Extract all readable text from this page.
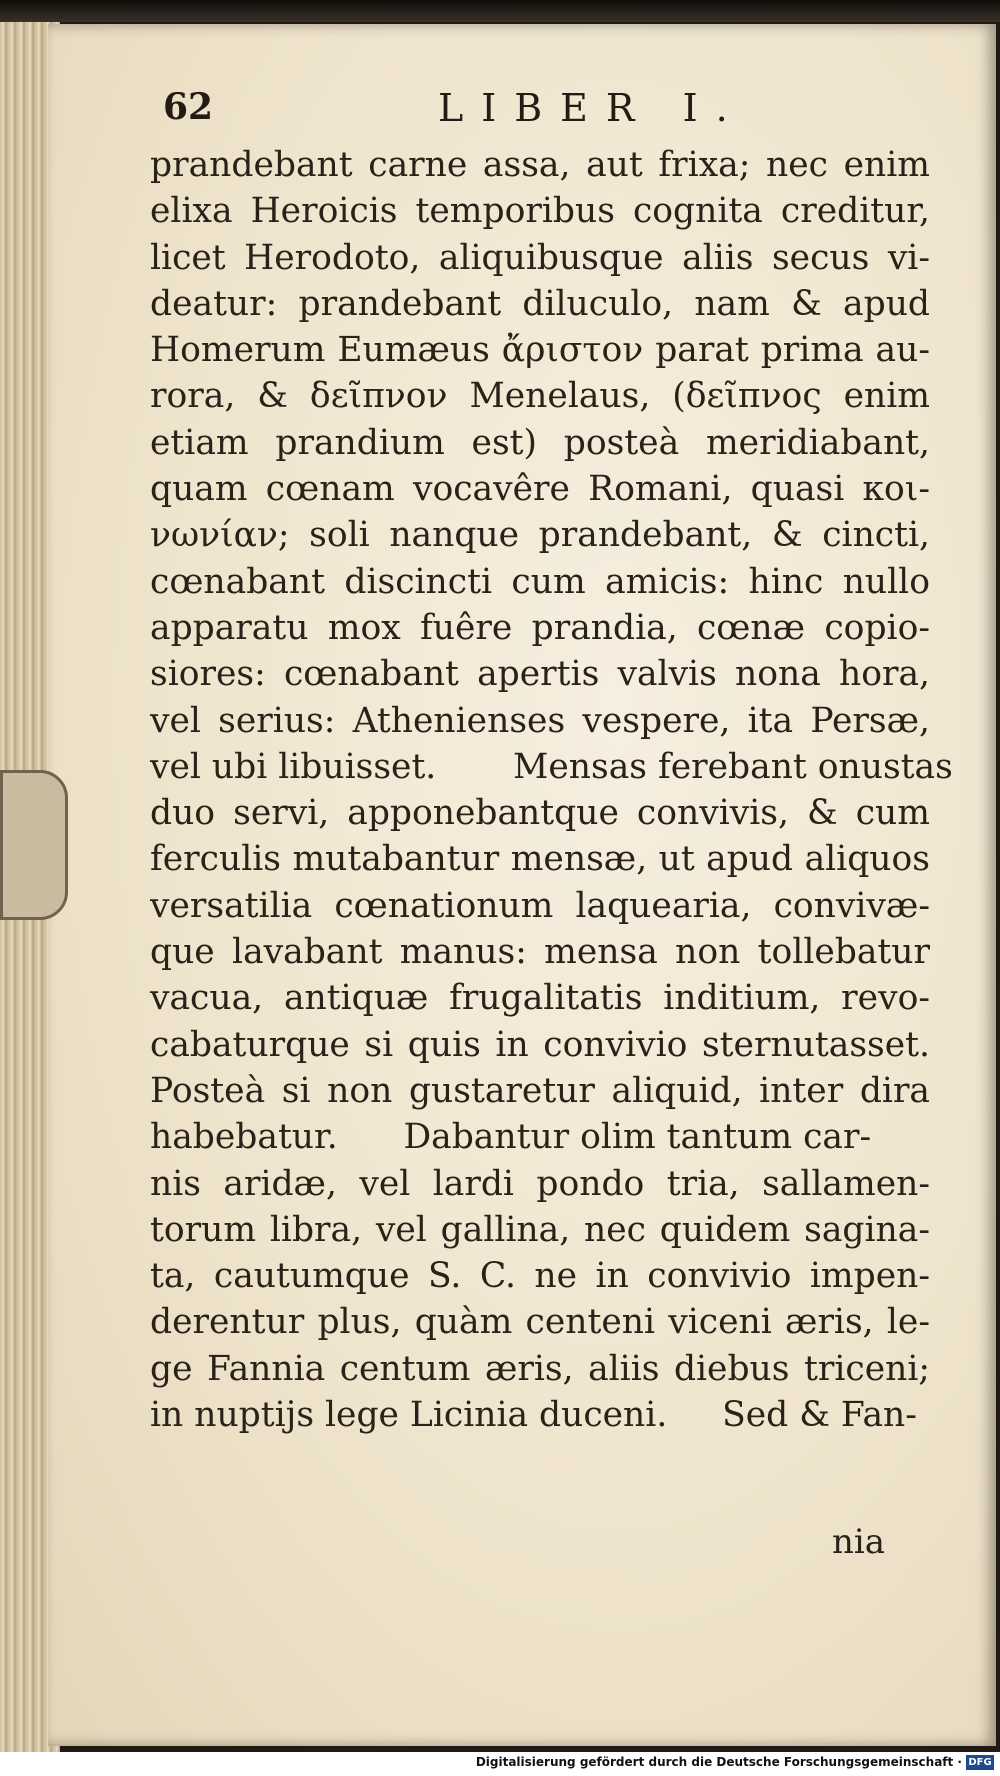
62	LIBER I.
prandebant carne assa, aut frixa; nec enim
elixa Heroicis temporibus cognita creditur,
licet Herodoto, aliquibusque aliis secus vi-
deatur: prandebant diluculo, nam & apud
Homerum Eumæus ἄριστον parat prima au-
rora, & δεῖπνον Menelaus, (δεῖπνος enim
etiam prandium est) posteà meridiabant,
quam cœnam vocavêre Romani, quasi κοι-
νωνίαν; soli nanque prandebant, & cincti,
cœnabant discincti cum amicis: hinc nullo
apparatu mox fuêre prandia, cœnæ copio-
siores: cœnabant apertis valvis nona hora,
vel serius: Athenienses vespere, ita Persæ,
vel ubi libuisset.       Mensas ferebant onustas
duo servi, apponebantque convivis, & cum
ferculis mutabantur mensæ, ut apud aliquos
versatilia cœnationum laquearia, convivæ-
que lavabant manus: mensa non tollebatur
vacua, antiquæ frugalitatis inditium, revo-
cabaturque si quis in convivio sternutasset.
Posteà si non gustaretur aliquid, inter dira
habebatur.      Dabantur olim tantum car-
nis aridæ, vel lardi pondo tria, sallamen-
torum libra, vel gallina, nec quidem sagina-
ta, cautumque S. C. ne in convivio impen-
derentur plus, quàm centeni viceni æris, le-
ge Fannia centum æris, aliis diebus triceni;
in nuptijs lege Licinia duceni.     Sed & Fan-
nia
Digitalisierung gefördert durch die Deutsche Forschungsgemeinschaft · DFG
